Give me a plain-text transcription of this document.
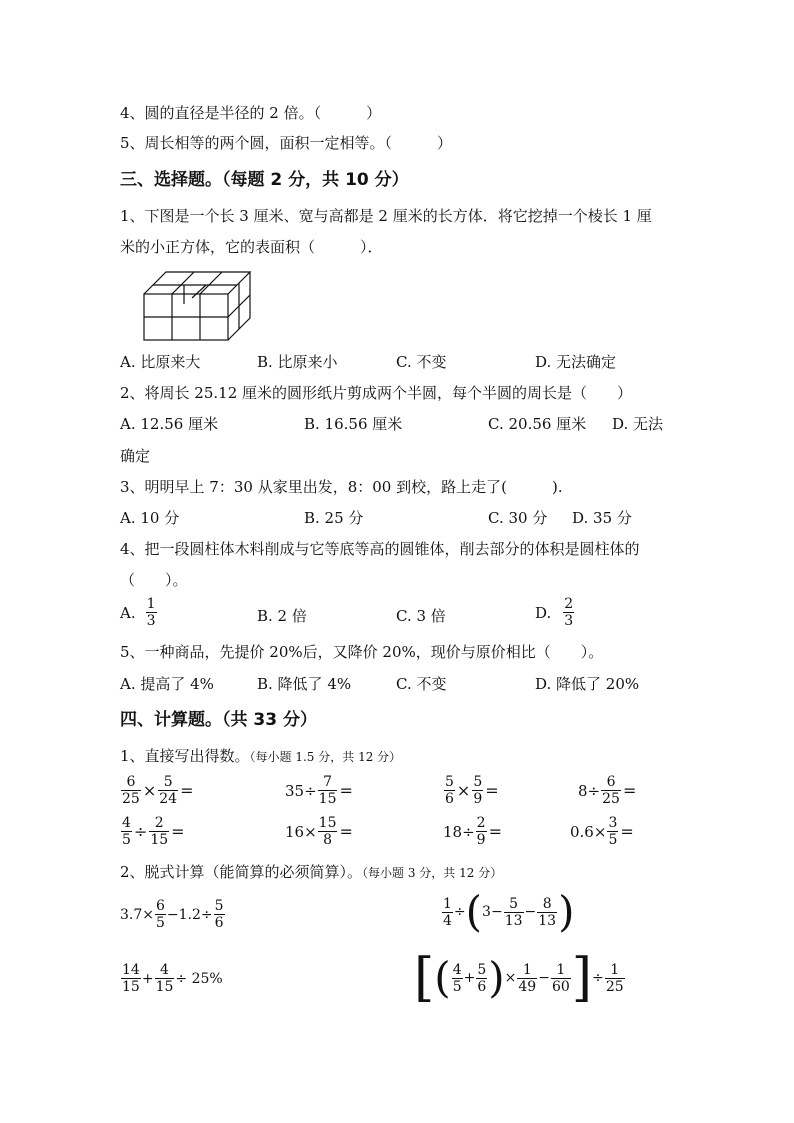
4、圆的直径是半径的 2 倍。（　　　）
5、周长相等的两个圆，面积一定相等。（　　　）
三、选择题。（每题 2 分，共 10 分）
1、下图是一个长 3 厘米、宽与高都是 2 厘米的长方体．将它挖掉一个棱长 1 厘
米的小正方体，它的表面积（　　　）．
A. 比原来大	B. 比原来小	C. 不变	D. 无法确定
2、将周长 25.12 厘米的圆形纸片剪成两个半圆，每个半圆的周长是（　　）
A. 12.56 厘米	B. 16.56 厘米	C. 20.56 厘米 D. 无法
确定
3、明明早上 7：30 从家里出发，8：00 到校，路上走了(　　　).
A. 10 分	B. 25 分	C. 30 分 D. 35 分
4、把一段圆柱体木料削成与它等底等高的圆锥体，削去部分的体积是圆柱体的
（　　）。
A. $\frac{1}{3}$	B. 2 倍	C. 3 倍	D. $\frac{2}{3}$
5、一种商品，先提价 20%后，又降价 20%，现价与原价相比（　　）。
A. 提高了 4%	B. 降低了 4%	C. 不变	D. 降低了 20%
四、计算题。（共 33 分）
1、直接写出得数。（每小题 1.5 分，共 12 分）
$\frac{6}{25} \times \frac{5}{24}$ =	$35\div \frac{7}{15}$ =	$\frac{5}{6} \times \frac{5}{9}$ =	$8\div \frac{6}{25}$ =
$\frac{4}{5} \div \frac{2}{15}$ =	$16\times \frac{15}{8}$ =	$18\div \frac{2}{9}$ =	$0.6\times \frac{3}{5}$ =
2、脱式计算（能简算的必须简算）。（每小题 3 分，共 12 分）
$3.7\times \frac{6}{5} -1.2\div \frac{5}{6}$	$\frac{1}{4}$ ÷ ( $3- \frac{5}{13} - \frac{8}{13}$ )
$\frac{14}{15} + \frac{4}{15} \div 25\%$	[ ( $\frac{4}{5} + \frac{5}{6}$ ) × $\frac{1}{49} - \frac{1}{60}$ ] ÷ $\frac{1}{25}$
